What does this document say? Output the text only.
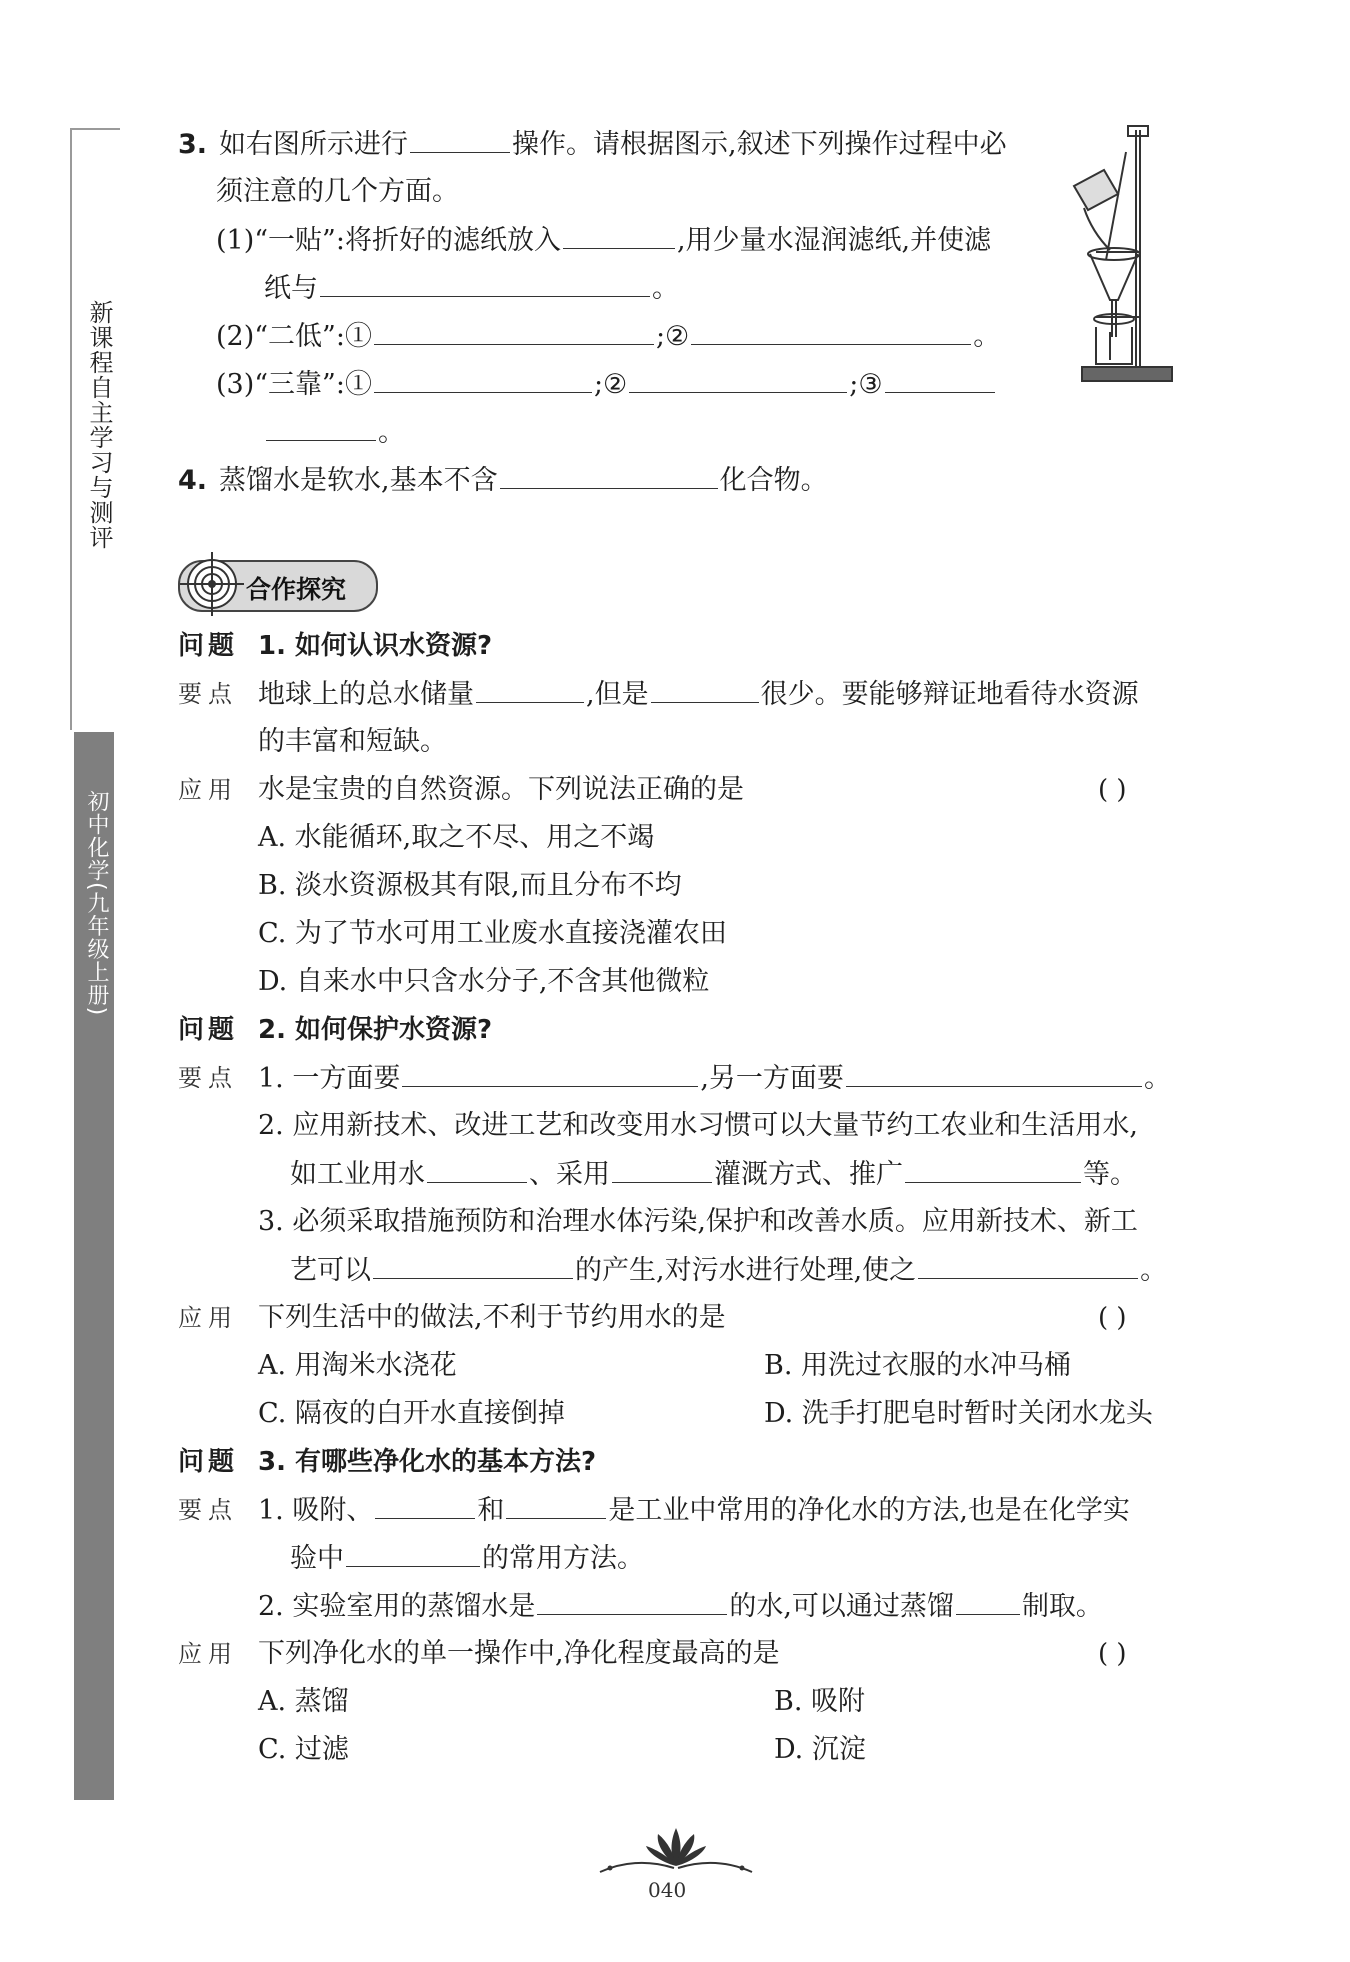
新课程自主学习与测评
初中化学(九年级上册)
3. 如右图所示进行	操作。请根据图示,叙述下列操作过程中必
须注意的几个方面。
(1)“一贴”:将折好的滤纸放入	,用少量水湿润滤纸,并使滤
纸与	。
(2)“二低”:①	;②	。
(3)“三靠”:①	;②	;③
。
4. 蒸馏水是软水,基本不含	化合物。
合作探究
问题 1. 如何认识水资源?
要点 地球上的总水储量	,但是	很少。要能够辩证地看待水资源
的丰富和短缺。
应用 水是宝贵的自然资源。下列说法正确的是	( )
A. 水能循环,取之不尽、用之不竭
B. 淡水资源极其有限,而且分布不均
C. 为了节水可用工业废水直接浇灌农田
D. 自来水中只含水分子,不含其他微粒
问题 2. 如何保护水资源?
要点 1. 一方面要	,另一方面要	。
2. 应用新技术、改进工艺和改变用水习惯可以大量节约工农业和生活用水,
如工业用水	、采用	灌溉方式、推广	等。
3. 必须采取措施预防和治理水体污染,保护和改善水质。应用新技术、新工
艺可以	的产生,对污水进行处理,使之	。
应用 下列生活中的做法,不利于节约用水的是	( )
A. 用淘米水浇花	B. 用洗过衣服的水冲马桶
C. 隔夜的白开水直接倒掉	D. 洗手打肥皂时暂时关闭水龙头
问题 3. 有哪些净化水的基本方法?
要点 1. 吸附、	和	是工业中常用的净化水的方法,也是在化学实
验中	的常用方法。
2. 实验室用的蒸馏水是	的水,可以通过蒸馏	制取。
应用 下列净化水的单一操作中,净化程度最高的是	( )
A. 蒸馏	B. 吸附
C. 过滤	D. 沉淀
040
